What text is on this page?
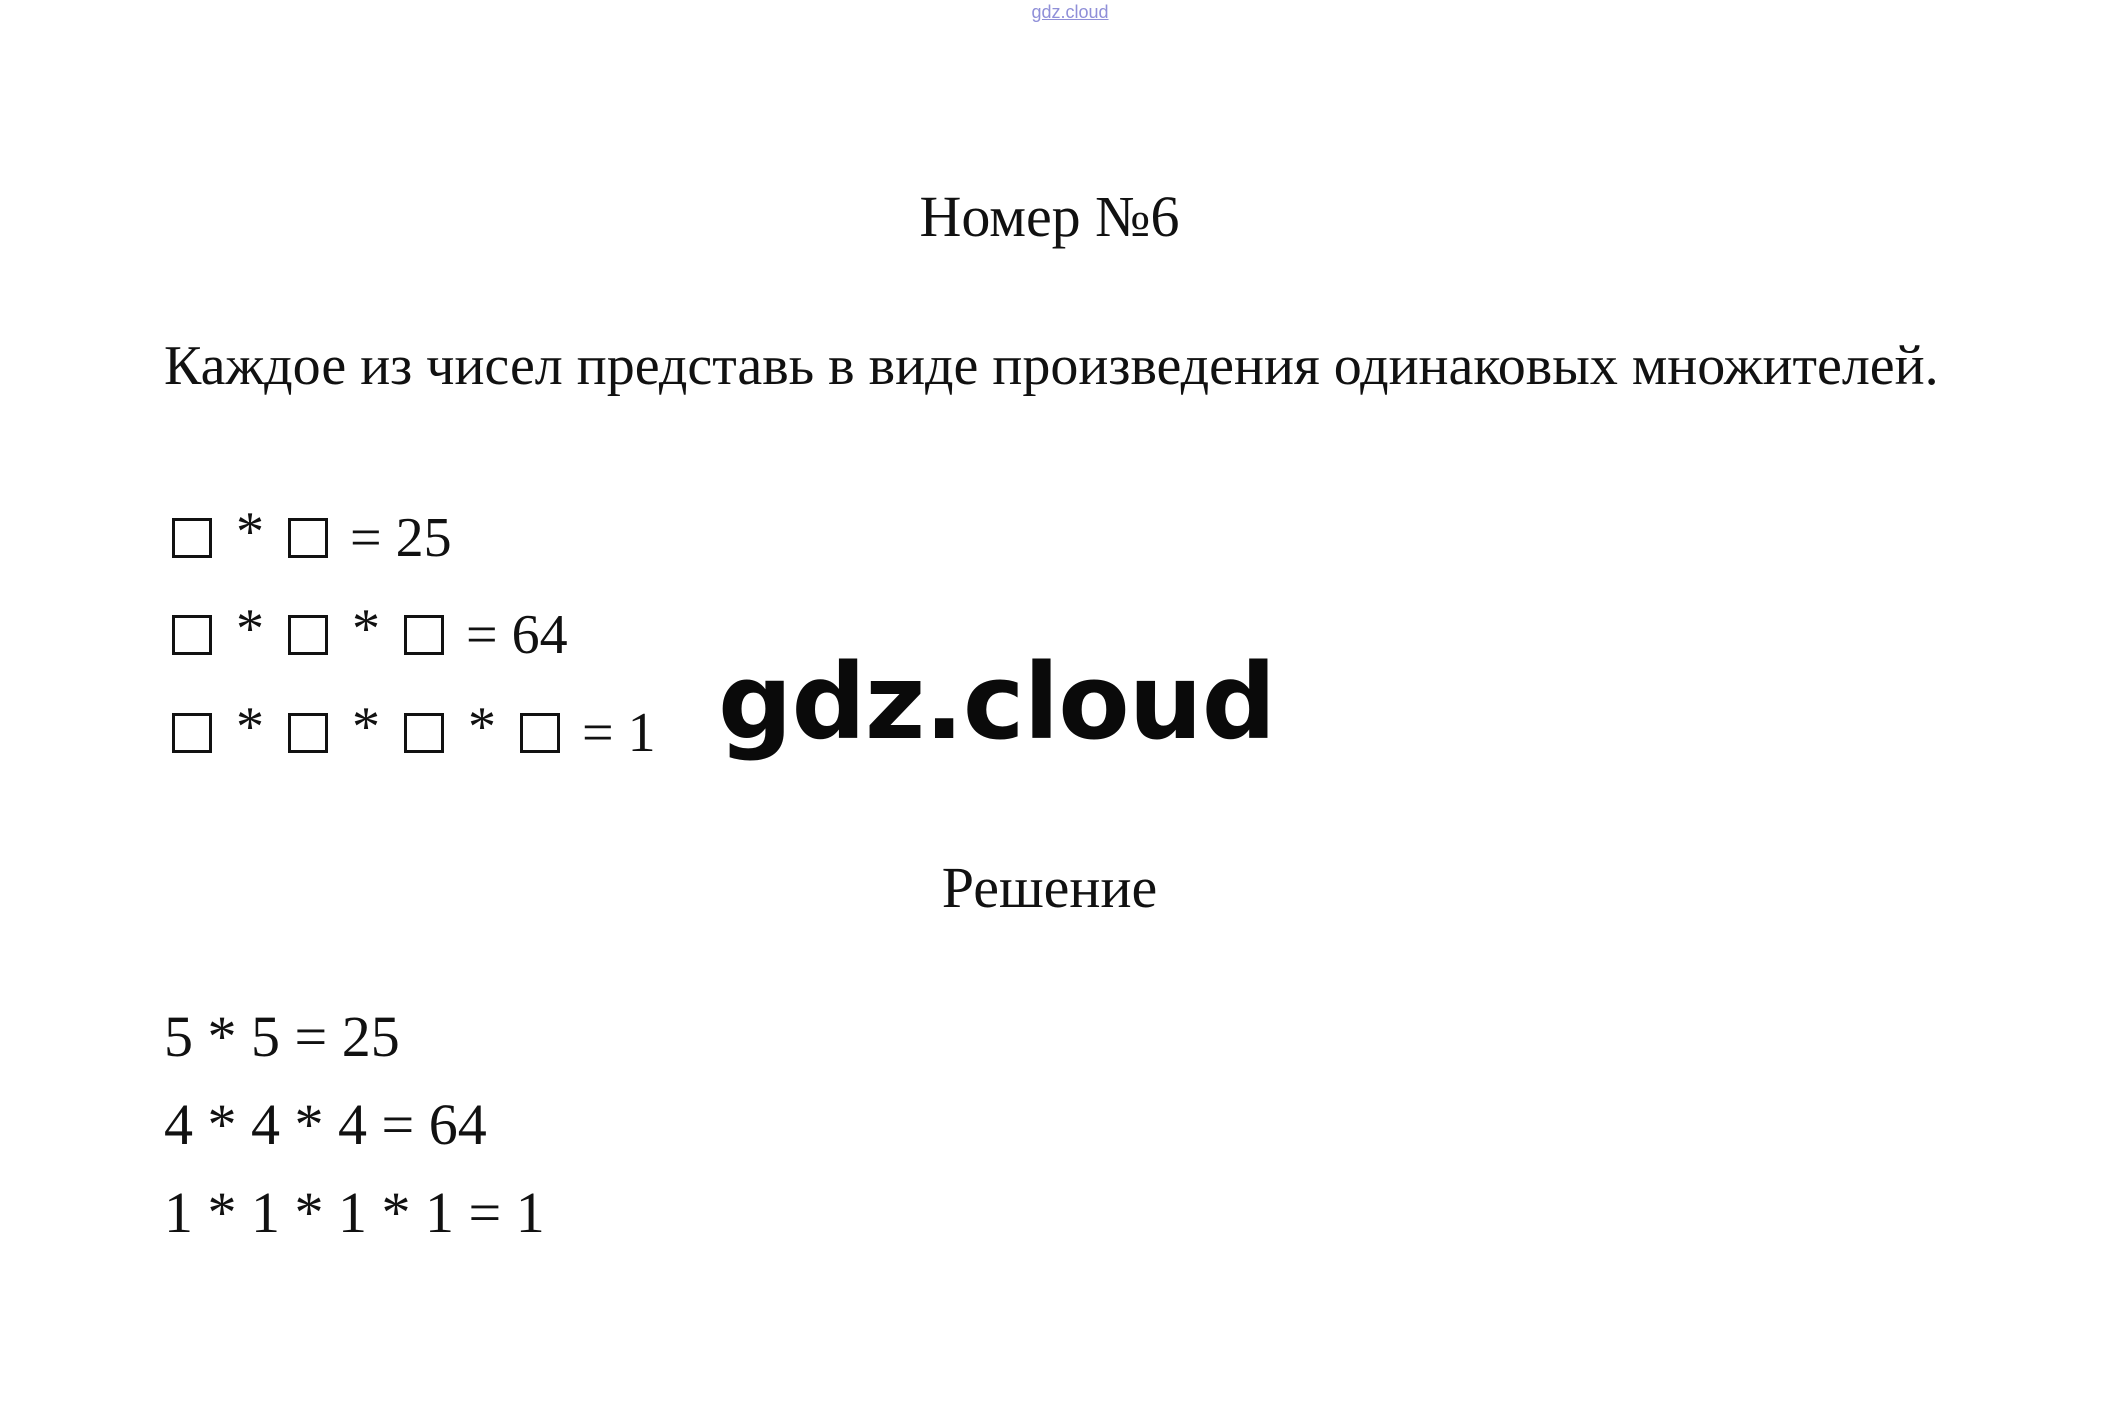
gdz.cloud
Номер №6
Каждое из чисел представь в виде произведения одинаковых множителей.
* = 25
* * = 64
* * * = 1 gdz.cloud
Решение
5 * 5 = 25
4 * 4 * 4 = 64
1 * 1 * 1 * 1 = 1
